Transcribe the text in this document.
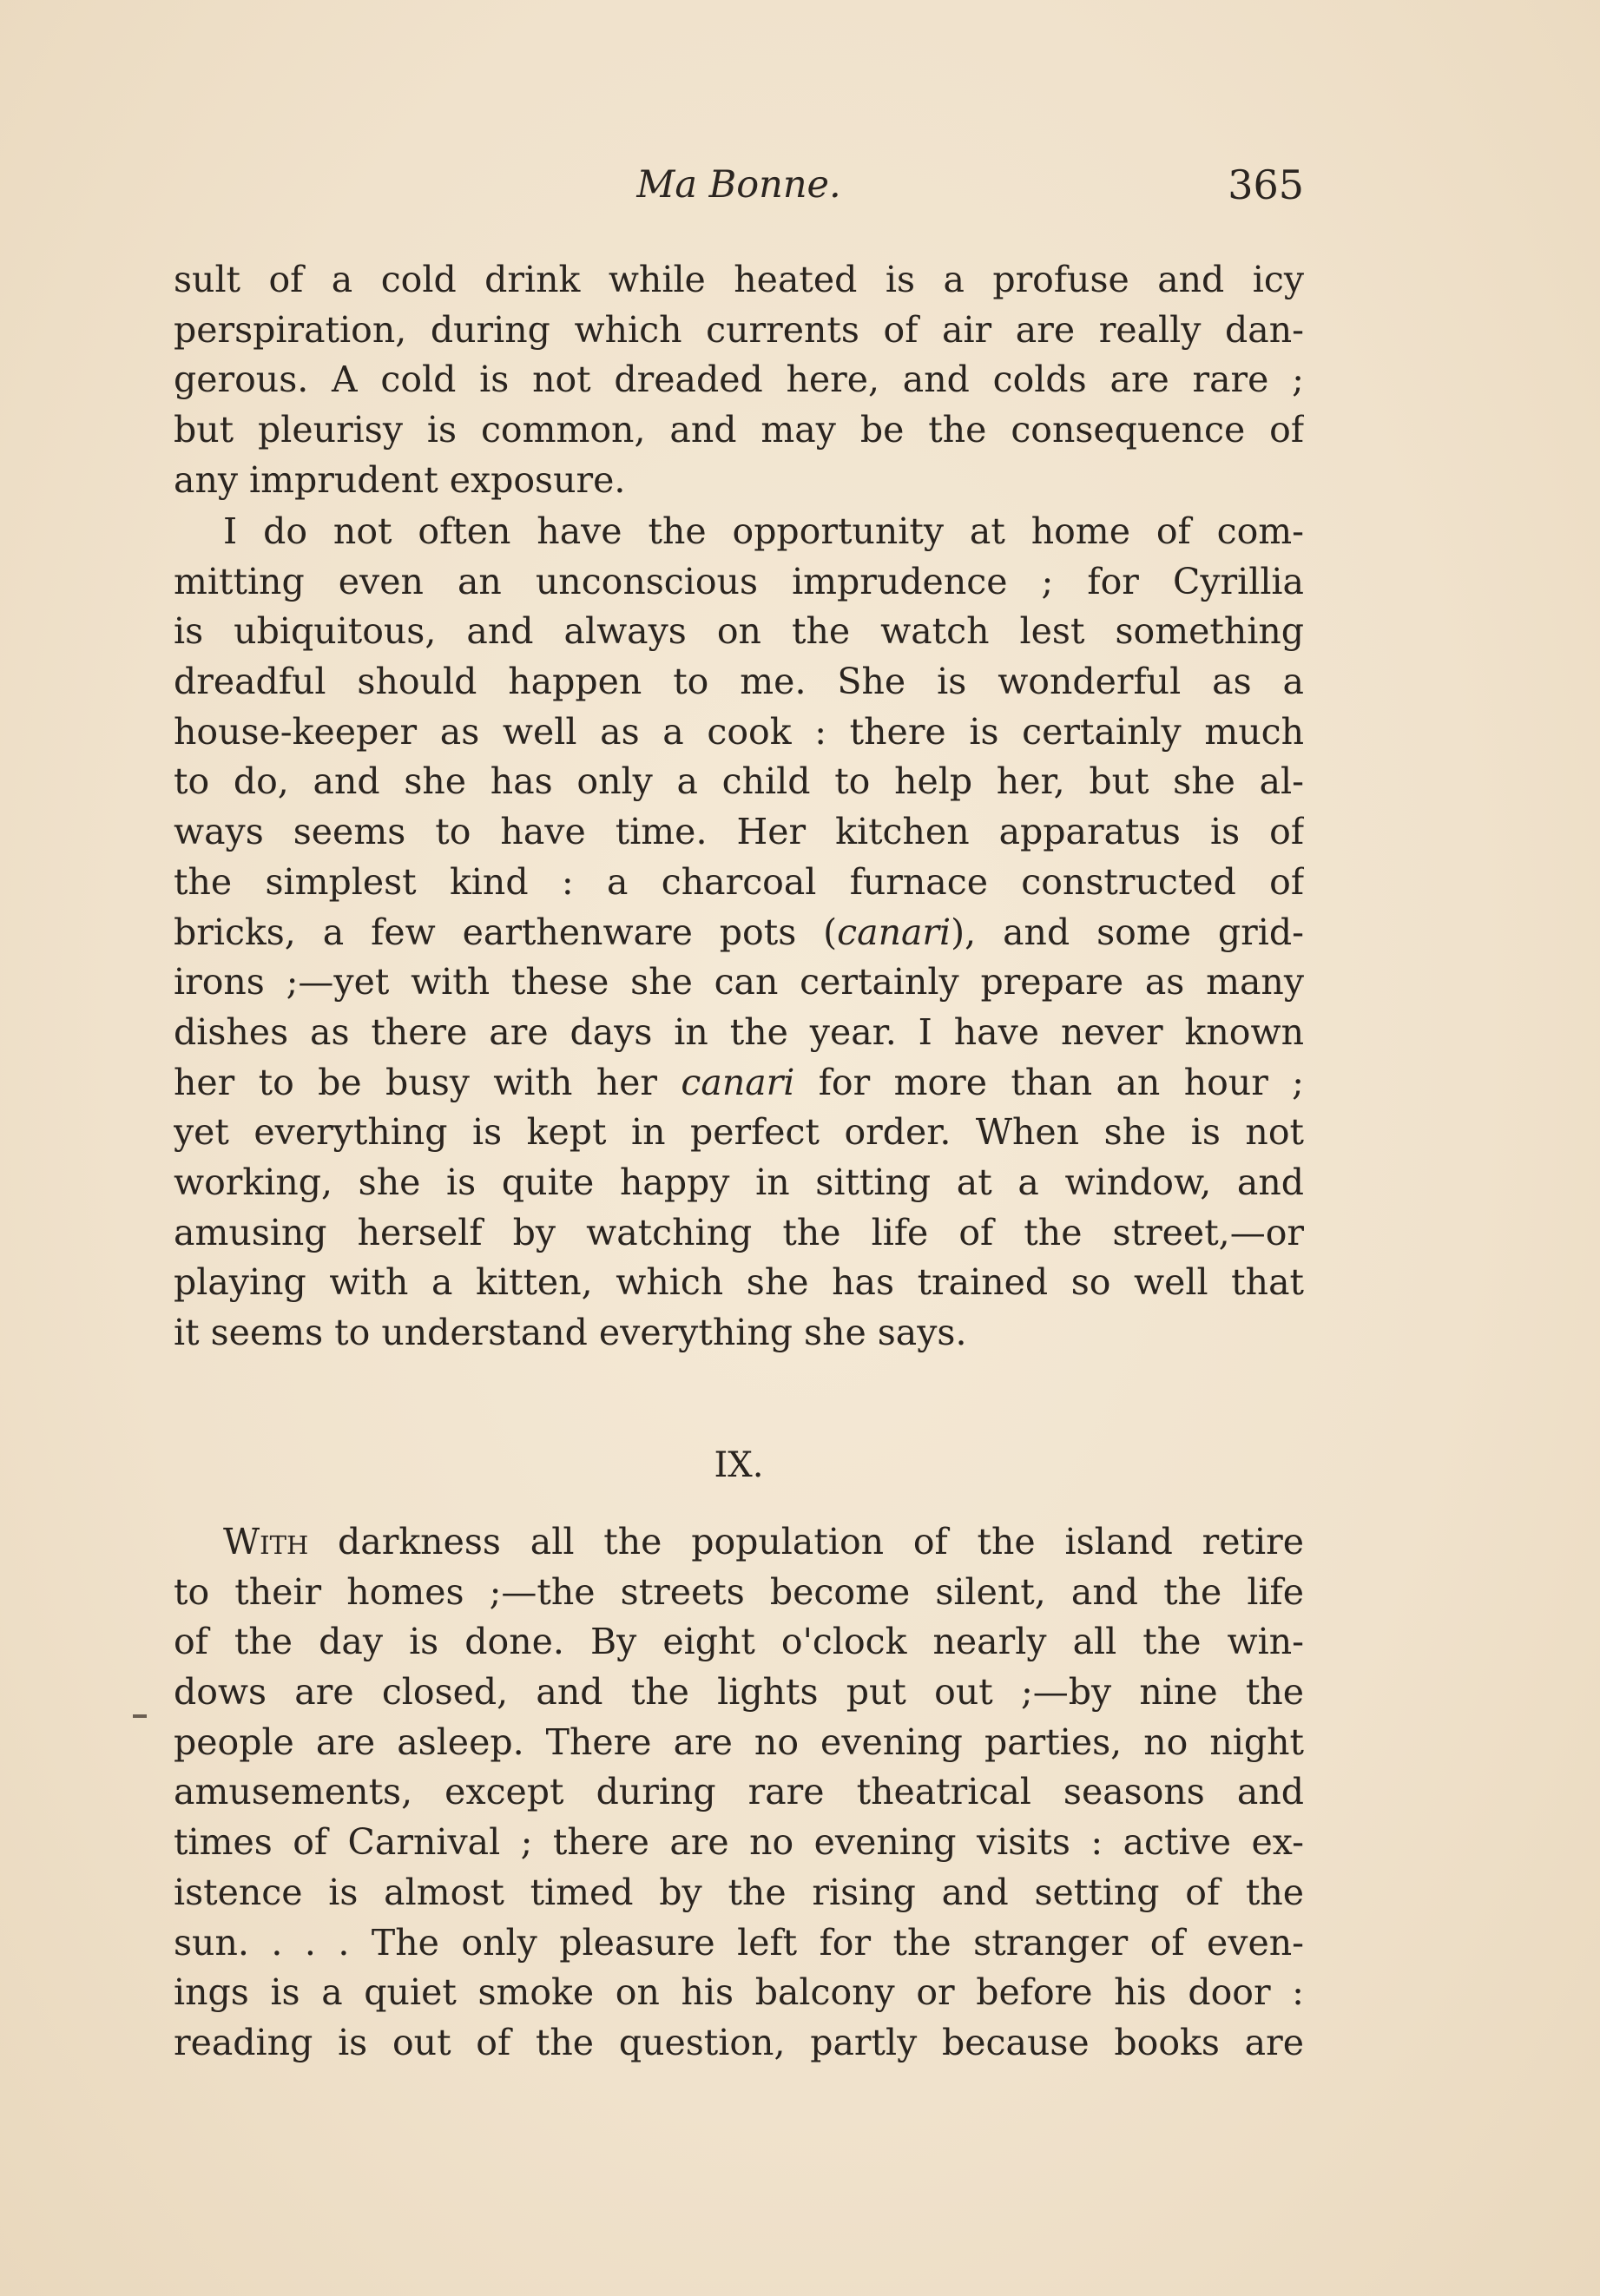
Ma Bonne.	365
sult of a cold drink while heated is a profuse and icy
perspiration, during which currents of air are really dan-
gerous. A cold is not dreaded here, and colds are rare ;
but pleurisy is common, and may be the consequence of
any imprudent exposure.
I do not often have the opportunity at home of com-
mitting even an unconscious imprudence ; for Cyrillia
is ubiquitous, and always on the watch lest something
dreadful should happen to me. She is wonderful as a
house-keeper as well as a cook : there is certainly much
to do, and she has only a child to help her, but she al-
ways seems to have time. Her kitchen apparatus is of
the simplest kind : a charcoal furnace constructed of
bricks, a few earthenware pots (canari), and some grid-
irons ;—yet with these she can certainly prepare as many
dishes as there are days in the year. I have never known
her to be busy with her canari for more than an hour ;
yet everything is kept in perfect order. When she is not
working, she is quite happy in sitting at a window, and
amusing herself by watching the life of the street,—or
playing with a kitten, which she has trained so well that
it seems to understand everything she says.
IX.
With darkness all the population of the island retire
to their homes ;—the streets become silent, and the life
of the day is done. By eight o'clock nearly all the win-
dows are closed, and the lights put out ;—by nine the
people are asleep. There are no evening parties, no night
amusements, except during rare theatrical seasons and
times of Carnival ; there are no evening visits : active ex-
istence is almost timed by the rising and setting of the
sun. . . . The only pleasure left for the stranger of even-
ings is a quiet smoke on his balcony or before his door :
reading is out of the question, partly because books are
